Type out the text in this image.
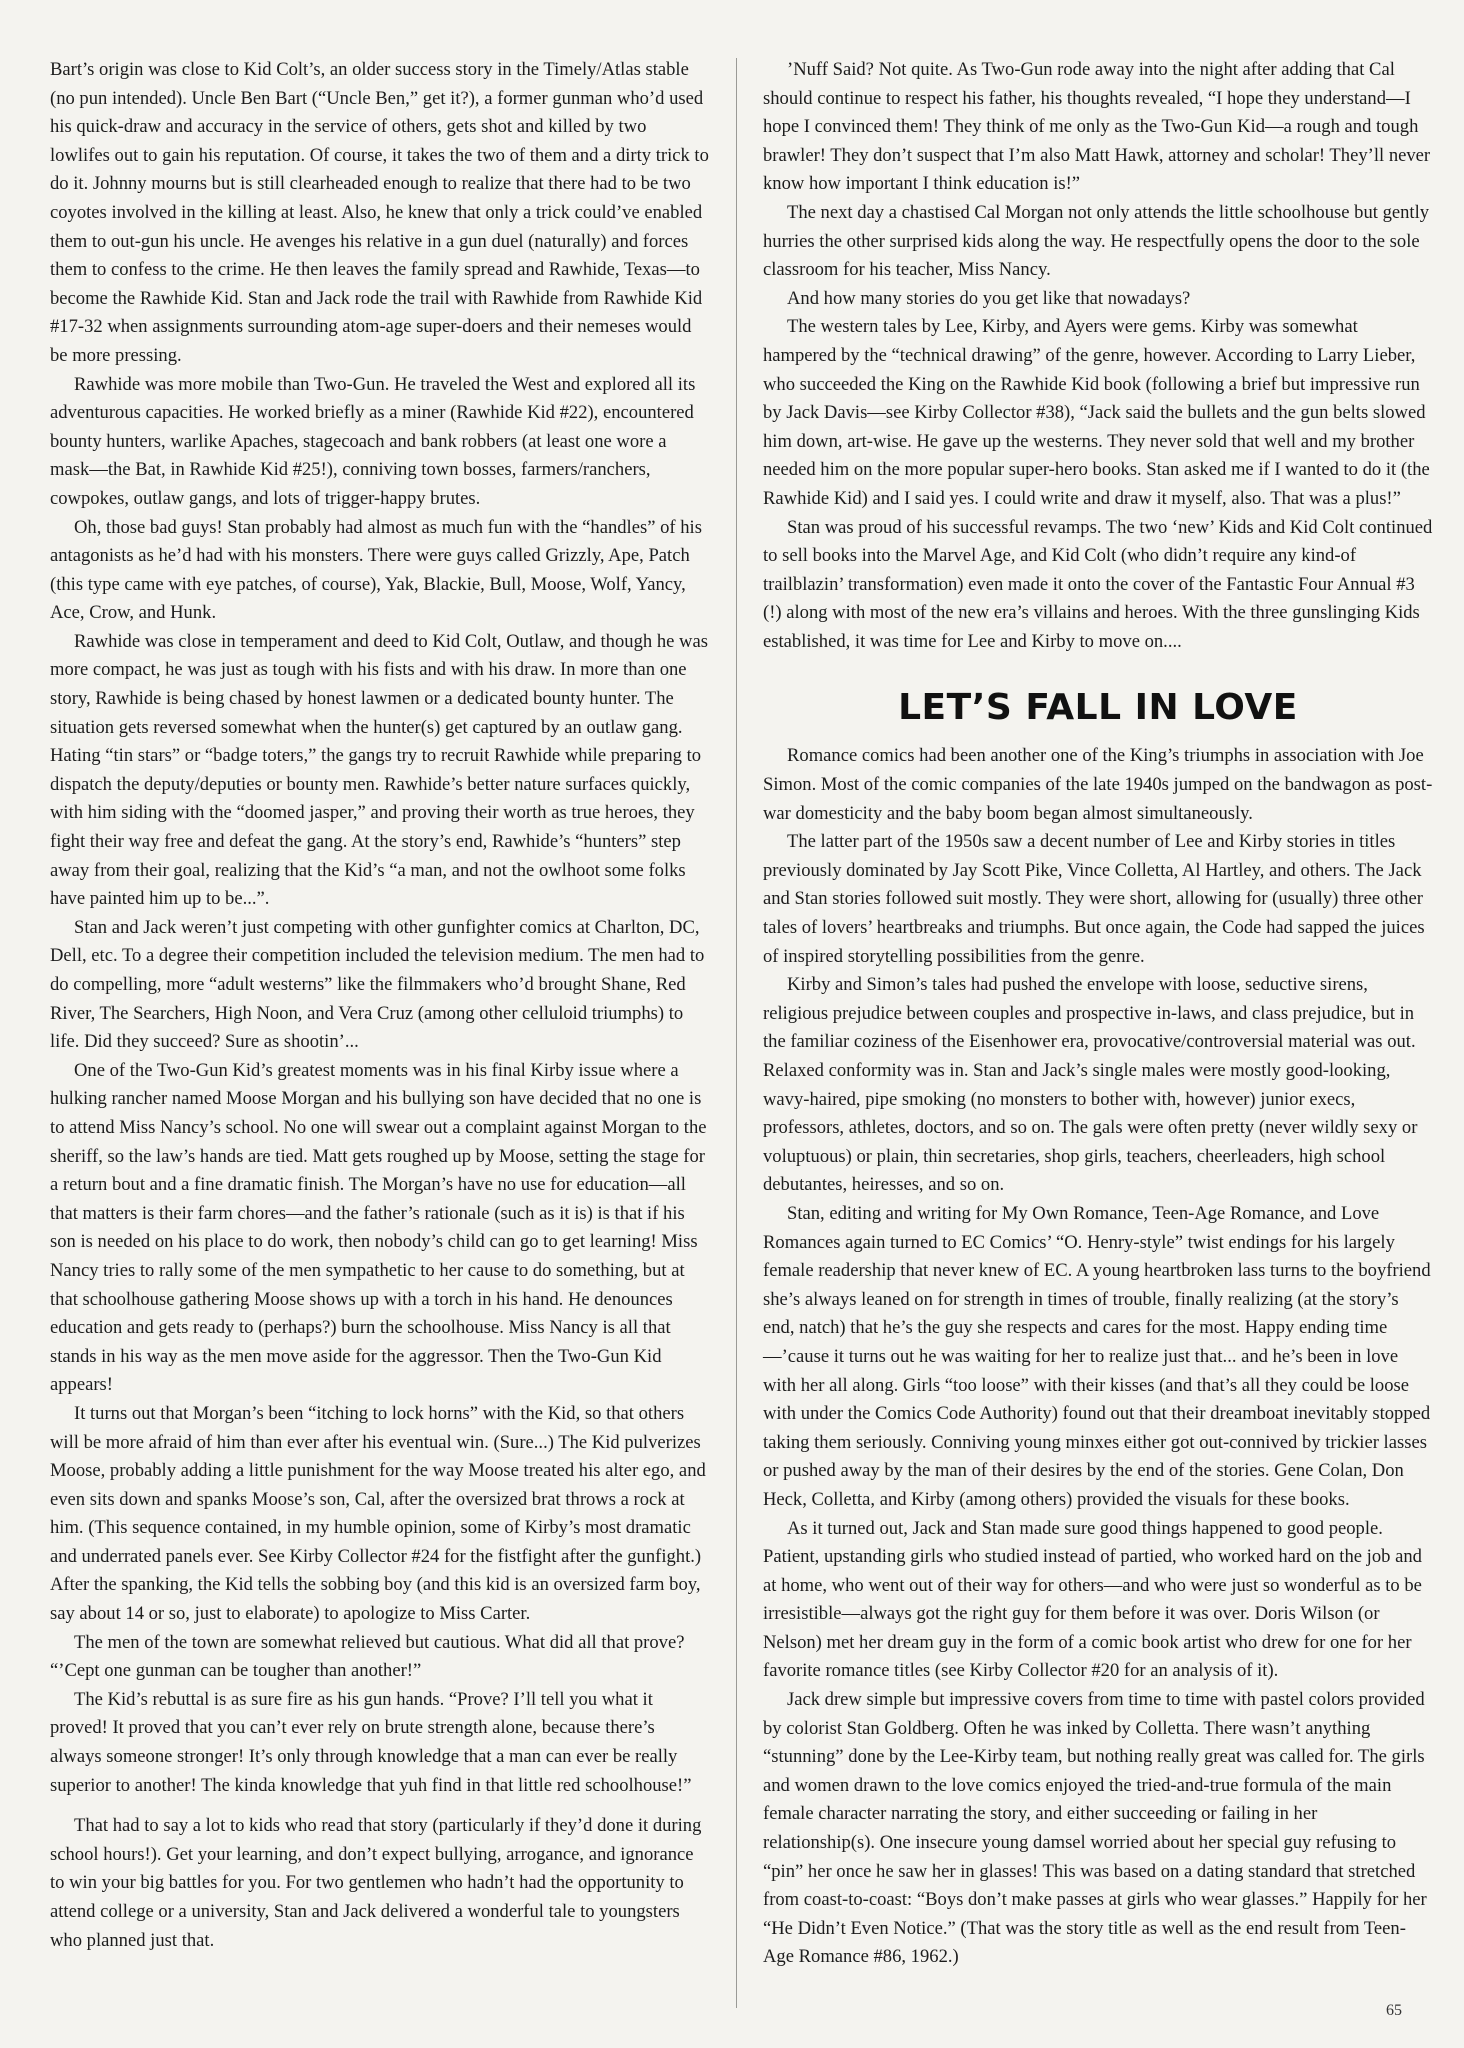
Bart’s origin was close to Kid Colt’s, an older success story in the Timely/Atlas stable (no pun intended). Uncle Ben Bart (“Uncle Ben,” get it?), a former gunman who’d used his quick-draw and accuracy in the service of others, gets shot and killed by two lowlifes out to gain his reputation. Of course, it takes the two of them and a dirty trick to do it. Johnny mourns but is still clearheaded enough to realize that there had to be two coyotes involved in the killing at least. Also, he knew that only a trick could’ve enabled them to out-gun his uncle. He avenges his relative in a gun duel (naturally) and forces them to confess to the crime. He then leaves the family spread and Rawhide, Texas—to become the Rawhide Kid. Stan and Jack rode the trail with Rawhide from Rawhide Kid #17-32 when assignments surrounding atom-age super-doers and their nemeses would be more pressing.

Rawhide was more mobile than Two-Gun. He traveled the West and explored all its adventurous capacities. He worked briefly as a miner (Rawhide Kid #22), encountered bounty hunters, warlike Apaches, stagecoach and bank robbers (at least one wore a mask—the Bat, in Rawhide Kid #25!), conniving town bosses, farmers/ranchers, cowpokes, outlaw gangs, and lots of trigger-happy brutes.

Oh, those bad guys! Stan probably had almost as much fun with the “handles” of his antagonists as he’d had with his monsters. There were guys called Grizzly, Ape, Patch (this type came with eye patches, of course), Yak, Blackie, Bull, Moose, Wolf, Yancy, Ace, Crow, and Hunk.

Rawhide was close in temperament and deed to Kid Colt, Outlaw, and though he was more compact, he was just as tough with his fists and with his draw. In more than one story, Rawhide is being chased by honest lawmen or a dedicated bounty hunter. The situation gets reversed somewhat when the hunter(s) get captured by an outlaw gang. Hating “tin stars” or “badge toters,” the gangs try to recruit Rawhide while preparing to dispatch the deputy/deputies or bounty men. Rawhide’s better nature surfaces quickly, with him siding with the “doomed jasper,” and proving their worth as true heroes, they fight their way free and defeat the gang. At the story’s end, Rawhide’s “hunters” step away from their goal, realizing that the Kid’s “a man, and not the owlhoot some folks have painted him up to be...”.

Stan and Jack weren’t just competing with other gunfighter comics at Charlton, DC, Dell, etc. To a degree their competition included the television medium. The men had to do compelling, more “adult westerns” like the filmmakers who’d brought Shane, Red River, The Searchers, High Noon, and Vera Cruz (among other celluloid triumphs) to life. Did they succeed? Sure as shootin’...

One of the Two-Gun Kid’s greatest moments was in his final Kirby issue where a hulking rancher named Moose Morgan and his bullying son have decided that no one is to attend Miss Nancy’s school. No one will swear out a complaint against Morgan to the sheriff, so the law’s hands are tied. Matt gets roughed up by Moose, setting the stage for a return bout and a fine dramatic finish. The Morgan’s have no use for education—all that matters is their farm chores—and the father’s rationale (such as it is) is that if his son is needed on his place to do work, then nobody’s child can go to get learning! Miss Nancy tries to rally some of the men sympathetic to her cause to do something, but at that schoolhouse gathering Moose shows up with a torch in his hand. He denounces education and gets ready to (perhaps?) burn the schoolhouse. Miss Nancy is all that stands in his way as the men move aside for the aggressor. Then the Two-Gun Kid appears!

It turns out that Morgan’s been “itching to lock horns” with the Kid, so that others will be more afraid of him than ever after his eventual win. (Sure...) The Kid pulverizes Moose, probably adding a little punishment for the way Moose treated his alter ego, and even sits down and spanks Moose’s son, Cal, after the oversized brat throws a rock at him. (This sequence contained, in my humble opinion, some of Kirby’s most dramatic and underrated panels ever. See Kirby Collector #24 for the fistfight after the gunfight.) After the spanking, the Kid tells the sobbing boy (and this kid is an oversized farm boy, say about 14 or so, just to elaborate) to apologize to Miss Carter.

The men of the town are somewhat relieved but cautious. What did all that prove? “’Cept one gunman can be tougher than another!”

The Kid’s rebuttal is as sure fire as his gun hands. “Prove? I’ll tell you what it proved! It proved that you can’t ever rely on brute strength alone, because there’s always someone stronger! It’s only through knowledge that a man can ever be really superior to another! The kinda knowledge that yuh find in that little red schoolhouse!”

That had to say a lot to kids who read that story (particularly if they’d done it during school hours!). Get your learning, and don’t expect bullying, arrogance, and ignorance to win your big battles for you. For two gentlemen who hadn’t had the opportunity to attend college or a university, Stan and Jack delivered a wonderful tale to youngsters who planned just that.

’Nuff Said? Not quite. As Two-Gun rode away into the night after adding that Cal should continue to respect his father, his thoughts revealed, “I hope they understand—I hope I convinced them! They think of me only as the Two-Gun Kid—a rough and tough brawler! They don’t suspect that I’m also Matt Hawk, attorney and scholar! They’ll never know how important I think education is!”

The next day a chastised Cal Morgan not only attends the little schoolhouse but gently hurries the other surprised kids along the way. He respectfully opens the door to the sole classroom for his teacher, Miss Nancy.

And how many stories do you get like that nowadays?

The western tales by Lee, Kirby, and Ayers were gems. Kirby was somewhat hampered by the “technical drawing” of the genre, however. According to Larry Lieber, who succeeded the King on the Rawhide Kid book (following a brief but impressive run by Jack Davis—see Kirby Collector #38), “Jack said the bullets and the gun belts slowed him down, art-wise. He gave up the westerns. They never sold that well and my brother needed him on the more popular super-hero books. Stan asked me if I wanted to do it (the Rawhide Kid) and I said yes. I could write and draw it myself, also. That was a plus!”

Stan was proud of his successful revamps. The two ‘new’ Kids and Kid Colt continued to sell books into the Marvel Age, and Kid Colt (who didn’t require any kind-of trailblazin’ transformation) even made it onto the cover of the Fantastic Four Annual #3 (!) along with most of the new era’s villains and heroes. With the three gunslinging Kids established, it was time for Lee and Kirby to move on....

LET’S FALL IN LOVE

Romance comics had been another one of the King’s triumphs in association with Joe Simon. Most of the comic companies of the late 1940s jumped on the bandwagon as post-war domesticity and the baby boom began almost simultaneously.

The latter part of the 1950s saw a decent number of Lee and Kirby stories in titles previously dominated by Jay Scott Pike, Vince Colletta, Al Hartley, and others. The Jack and Stan stories followed suit mostly. They were short, allowing for (usually) three other tales of lovers’ heartbreaks and triumphs. But once again, the Code had sapped the juices of inspired storytelling possibilities from the genre.

Kirby and Simon’s tales had pushed the envelope with loose, seductive sirens, religious prejudice between couples and prospective in-laws, and class prejudice, but in the familiar coziness of the Eisenhower era, provocative/controversial material was out. Relaxed conformity was in. Stan and Jack’s single males were mostly good-looking, wavy-haired, pipe smoking (no monsters to bother with, however) junior execs, professors, athletes, doctors, and so on. The gals were often pretty (never wildly sexy or voluptuous) or plain, thin secretaries, shop girls, teachers, cheerleaders, high school debutantes, heiresses, and so on.

Stan, editing and writing for My Own Romance, Teen-Age Romance, and Love Romances again turned to EC Comics’ “O. Henry-style” twist endings for his largely female readership that never knew of EC. A young heartbroken lass turns to the boyfriend she’s always leaned on for strength in times of trouble, finally realizing (at the story’s end, natch) that he’s the guy she respects and cares for the most. Happy ending time—’cause it turns out he was waiting for her to realize just that... and he’s been in love with her all along. Girls “too loose” with their kisses (and that’s all they could be loose with under the Comics Code Authority) found out that their dreamboat inevitably stopped taking them seriously. Conniving young minxes either got out-connived by trickier lasses or pushed away by the man of their desires by the end of the stories. Gene Colan, Don Heck, Colletta, and Kirby (among others) provided the visuals for these books.

As it turned out, Jack and Stan made sure good things happened to good people. Patient, upstanding girls who studied instead of partied, who worked hard on the job and at home, who went out of their way for others—and who were just so wonderful as to be irresistible—always got the right guy for them before it was over. Doris Wilson (or Nelson) met her dream guy in the form of a comic book artist who drew for one for her favorite romance titles (see Kirby Collector #20 for an analysis of it).

Jack drew simple but impressive covers from time to time with pastel colors provided by colorist Stan Goldberg. Often he was inked by Colletta. There wasn’t anything “stunning” done by the Lee-Kirby team, but nothing really great was called for. The girls and women drawn to the love comics enjoyed the tried-and-true formula of the main female character narrating the story, and either succeeding or failing in her relationship(s). One insecure young damsel worried about her special guy refusing to “pin” her once he saw her in glasses! This was based on a dating standard that stretched from coast-to-coast: “Boys don’t make passes at girls who wear glasses.” Happily for her “He Didn’t Even Notice.” (That was the story title as well as the end result from Teen-Age Romance #86, 1962.)

65
